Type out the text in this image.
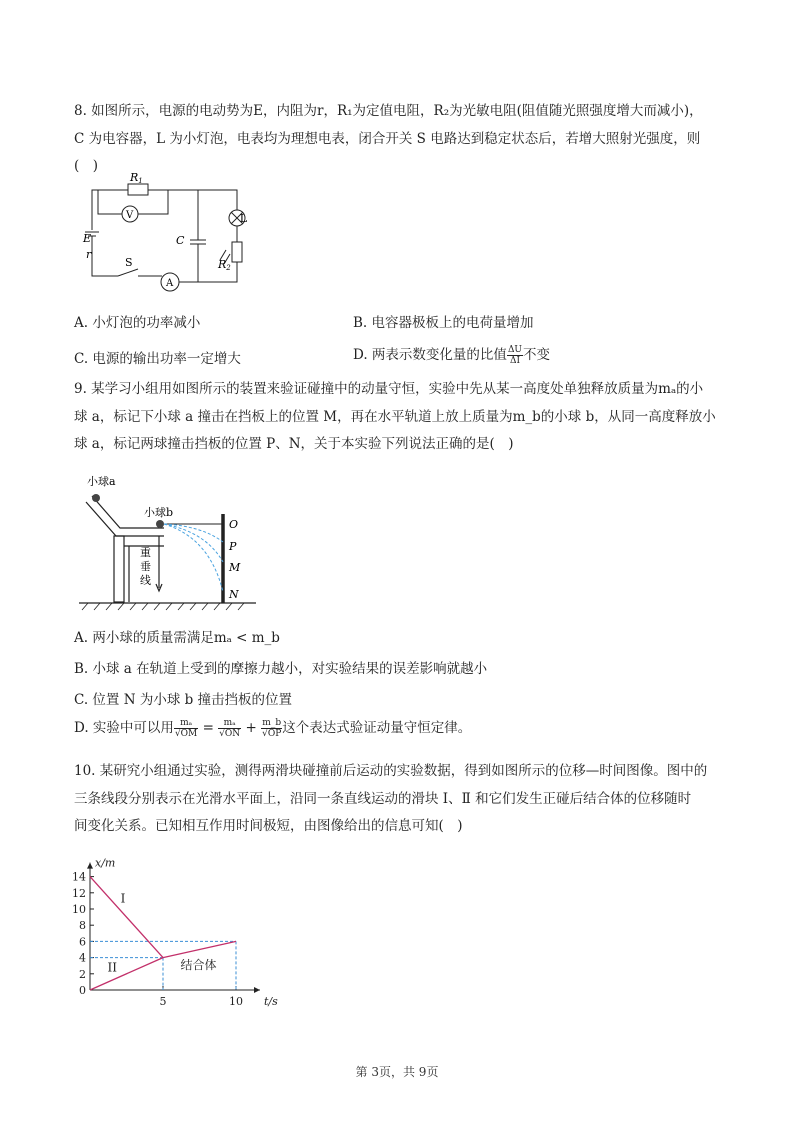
8. 如图所示，电源的电动势为E，内阻为r，R₁为定值电阻，R₂为光敏电阻(阻值随光照强度增大而减小)，

C 为电容器，L 为小灯泡，电表均为理想电表，闭合开关 S 电路达到稳定状态后，若增大照射光强度，则(　)

R1
V	L
C
E
r
S
A
R2
A. 小灯泡的功率减小	B. 电容器极板上的电荷量增加
C. 电源的输出功率一定增大	D. 两表示数变化量的比值 $\frac{\Delta U}{\Delta I}$ 不变

9. 某学习小组用如图所示的装置来验证碰撞中的动量守恒，实验中先从某一高度处单独释放质量为mₐ的小

球 a，标记下小球 a 撞击在挡板上的位置 M，再在水平轨道上放上质量为m_b的小球 b，从同一高度释放小

球 a，标记两球撞击挡板的位置 P、N，关于本实验下列说法正确的是(　)

小球a
小球b
O
P
M
N
重
垂
线
A. 两小球的质量需满足mₐ < m_b
B. 小球 a 在轨道上受到的摩擦力越小，对实验结果的误差影响就越小
C. 位置 N 为小球 b 撞击挡板的位置
D. 实验中可以用 $\frac{\text{mₐ}}{√OM} = \frac{\text{mₐ}}{√ON} + \frac{m\_b}{√OP}$ 这个表达式验证动量守恒定律。

10. 某研究小组通过实验，测得两滑块碰撞前后运动的实验数据，得到如图所示的位移—时间图像。图中的

三条线段分别表示在光滑水平面上，沿同一条直线运动的滑块 Ⅰ、Ⅱ 和它们发生正碰后结合体的位移随时

间变化关系。已知相互作用时间极短，由图像给出的信息可知(　)

0
2
4
6
8
10
12
14
5	10
x/m
t/s
I
II	结合体
第 3页，共 9页
